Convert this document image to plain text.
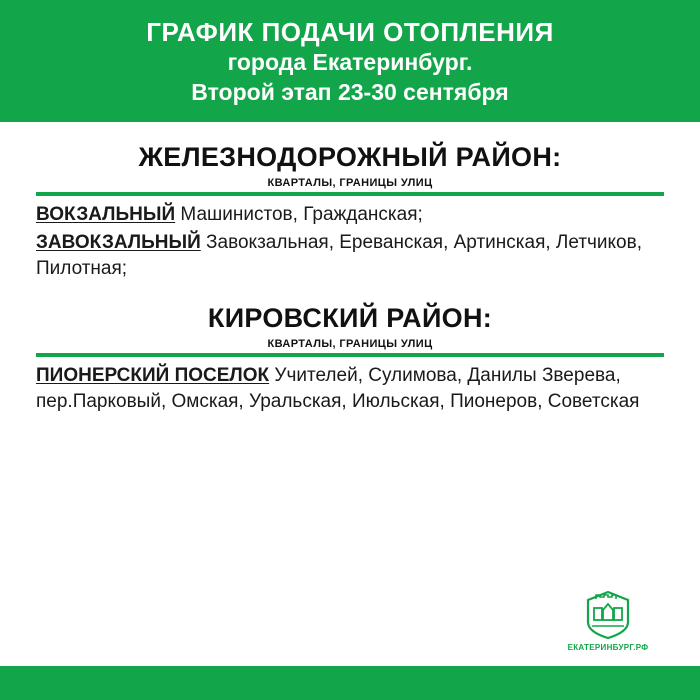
ГРАФИК ПОДАЧИ ОТОПЛЕНИЯ
города Екатеринбург.
Второй этап 23-30 сентября
ЖЕЛЕЗНОДОРОЖНЫЙ РАЙОН:
КВАРТАЛЫ, ГРАНИЦЫ УЛИЦ

ВОКЗАЛЬНЫЙ Машинистов, Гражданская;

ЗАВОКЗАЛЬНЫЙ Завокзальная, Ереванская, Артинская, Летчиков, Пилотная;

КИРОВСКИЙ РАЙОН:
КВАРТАЛЫ, ГРАНИЦЫ УЛИЦ

ПИОНЕРСКИЙ ПОСЕЛОК Учителей, Сулимова, Данилы Зверева, пер.Парковый, Омская, Уральская, Июльская, Пионеров, Советская

ЕКАТЕРИНБУРГ.РФ
